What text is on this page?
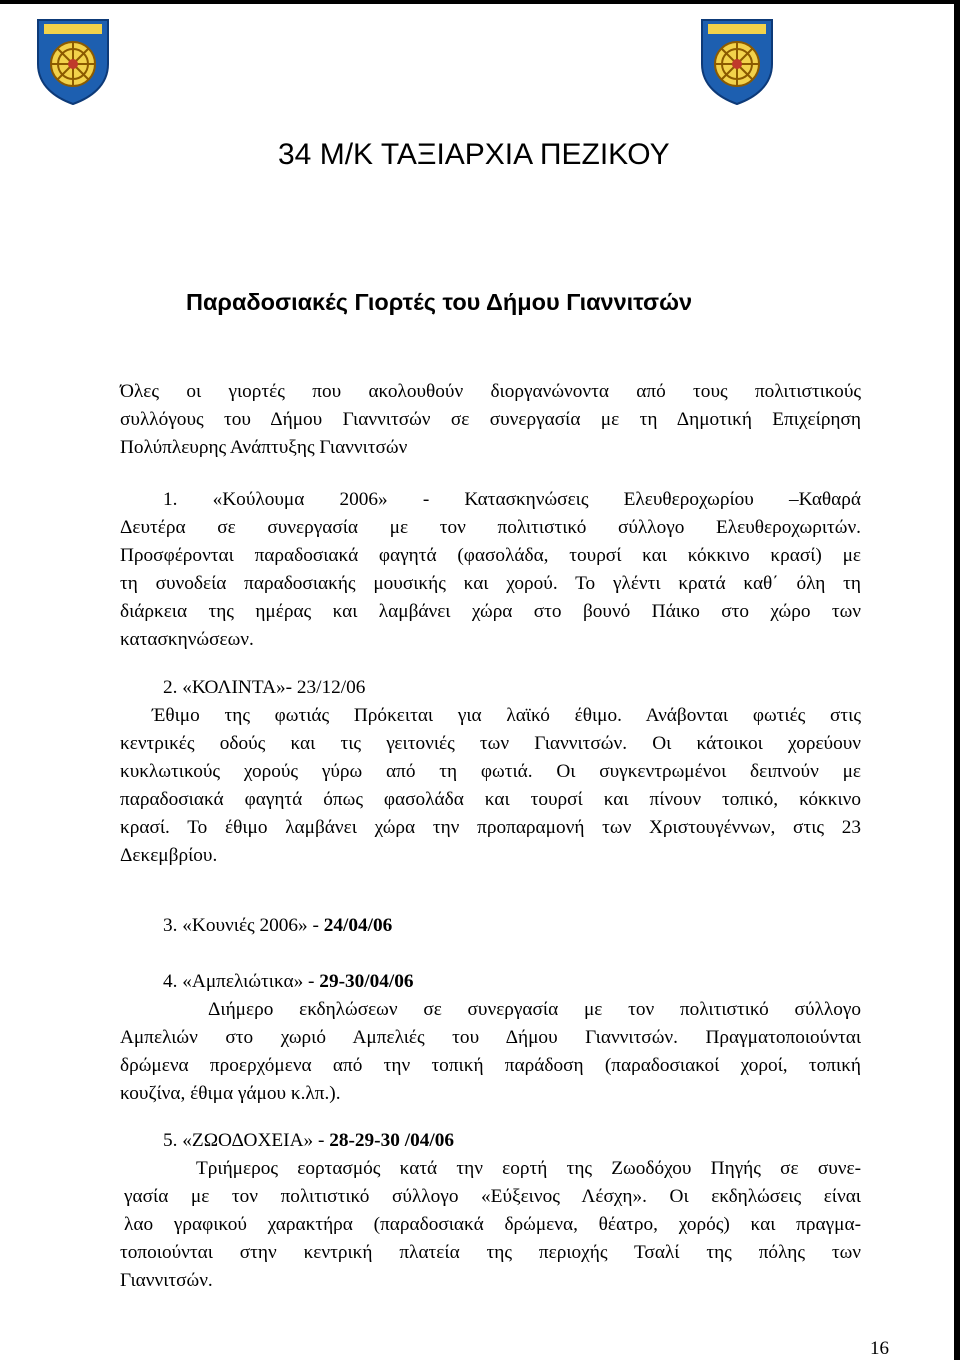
34 Μ/Κ ΤΑΞΙΑΡΧΙΑ ΠΕΖΙΚΟΥ
Παραδοσιακές Γιορτές του Δήμου Γιαννιτσών
Όλες οι γιορτές που ακολουθούν διοργανώνοντα από τους πολιτιστικούς
συλλόγους του Δήμου Γιαννιτσών σε συνεργασία με τη Δημοτική Επιχείρηση
Πολύπλευρης Ανάπτυξης Γιαννιτσών
1. «Κούλουμα 2006» - Κατασκηνώσεις Ελευθεροχωρίου –Καθαρά
Δευτέρα σε συνεργασία με τον πολιτιστικό σύλλογο Ελευθεροχωριτών.
Προσφέρονται παραδοσιακά φαγητά (φασολάδα, τουρσί και κόκκινο κρασί) με
τη συνοδεία παραδοσιακής μουσικής και χορού. Το γλέντι κρατά καθ΄ όλη τη
διάρκεια της ημέρας και λαμβάνει χώρα στο βουνό Πάικο στο χώρο των
κατασκηνώσεων.
2. «ΚΟΛΙΝΤΑ»- 23/12/06
Έθιμο της φωτιάς Πρόκειται για λαϊκό έθιμο. Ανάβονται φωτιές στις
κεντρικές οδούς και τις γειτονιές των Γιαννιτσών. Οι κάτοικοι χορεύουν
κυκλωτικούς χορούς γύρω από τη φωτιά. Οι συγκεντρωμένοι δειπνούν με
παραδοσιακά φαγητά όπως φασολάδα και τουρσί και πίνουν τοπικό, κόκκινο
κρασί. Το έθιμο λαμβάνει χώρα την προπαραμονή των Χριστουγέννων, στις 23
Δεκεμβρίου.
3. «Κουνιές 2006» - 24/04/06
4. «Αμπελιώτικα» - 29-30/04/06
Διήμερο εκδηλώσεων σε συνεργασία με τον πολιτιστικό σύλλογο
Αμπελιών στο χωριό Αμπελιές του Δήμου Γιαννιτσών. Πραγματοποιούνται
δρώμενα προερχόμενα από την τοπική παράδοση (παραδοσιακοί χοροί, τοπική
κουζίνα, έθιμα γάμου κ.λπ.).
5. «ΖΩΟΔΟΧΕΙΑ» - 28-29-30 /04/06
Τριήμερος εορτασμός κατά την εορτή της Ζωοδόχου Πηγής σε συνε-
γασία με τον πολιτιστικό σύλλογο «Εύξεινος Λέσχη». Οι εκδηλώσεις είναι
λαο γραφικού χαρακτήρα (παραδοσιακά δρώμενα, θέατρο, χορός) και πραγμα-
τοποιούνται στην κεντρική πλατεία της περιοχής Τσαλί της πόλης των
Γιαννιτσών.
16
